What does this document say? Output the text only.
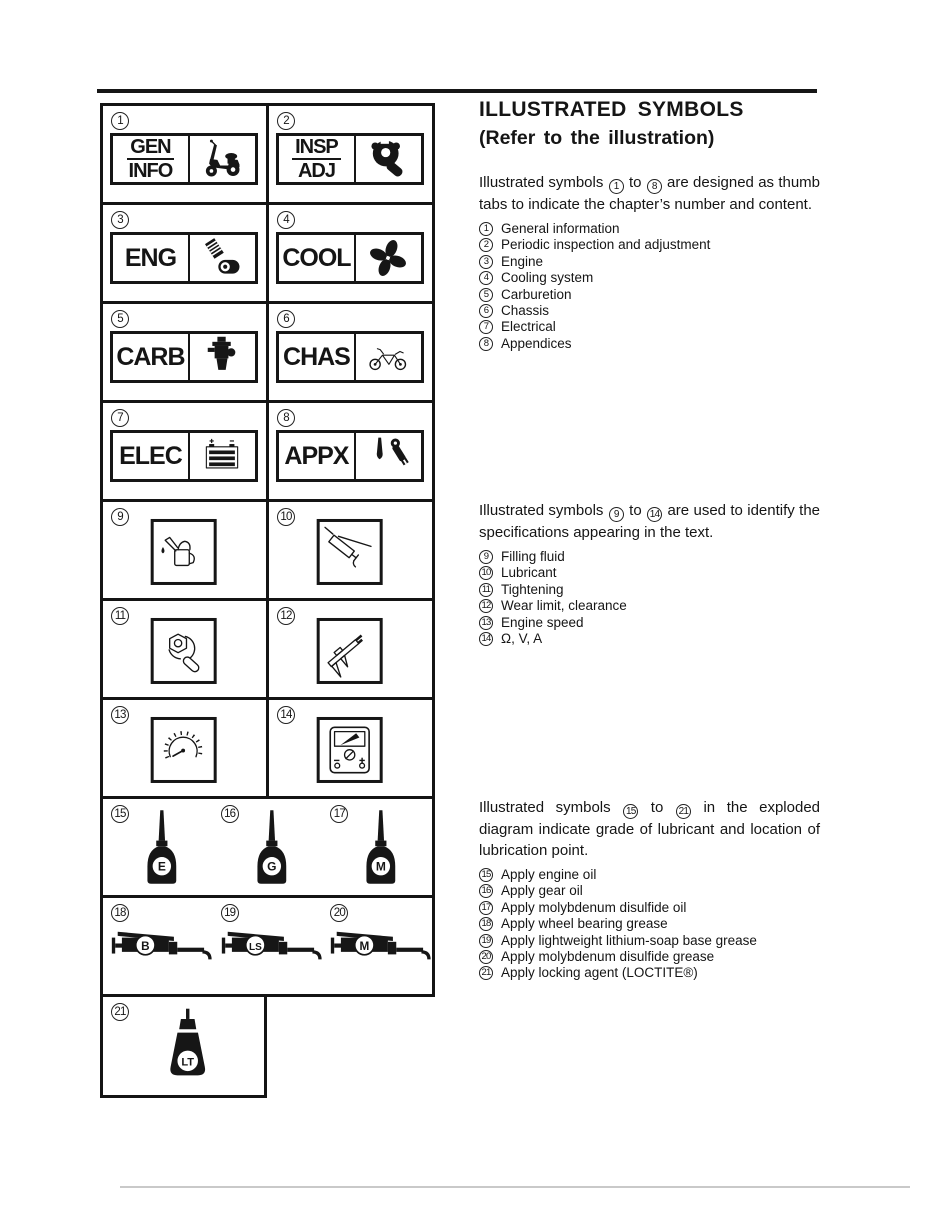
1
GEN
INFO
2
INSP
ADJ
3
ENG
4
COOL
5
CARB
6
CHAS
7
ELEC
8
APPX
9	10
11	12
13	14
15
E
16
G
17
M
18
B
19
LS
20
M
21
LT
ILLUSTRATED SYMBOLS
(Refer to the illustration)

Illustrated symbols 1 to 8 are designed as thumb tabs to indicate the chapter’s number and content.

1 General information
2 Periodic inspection and adjustment
3 Engine
4 Cooling system
5 Carburetion
6 Chassis
7 Electrical
8 Appendices

Illustrated symbols 9 to 14 are used to identify the specifications appearing in the text.

9 Filling fluid
10 Lubricant
11 Tightening
12 Wear limit, clearance
13 Engine speed
14 Ω, V, A

Illustrated symbols 15 to 21 in the exploded diagram indicate grade of lubricant and location of lubrication point.

15 Apply engine oil
16 Apply gear oil
17 Apply molybdenum disulfide oil
18 Apply wheel bearing grease
19 Apply lightweight lithium-soap base grease
20 Apply molybdenum disulfide grease
21 Apply locking agent (LOCTITE®)
